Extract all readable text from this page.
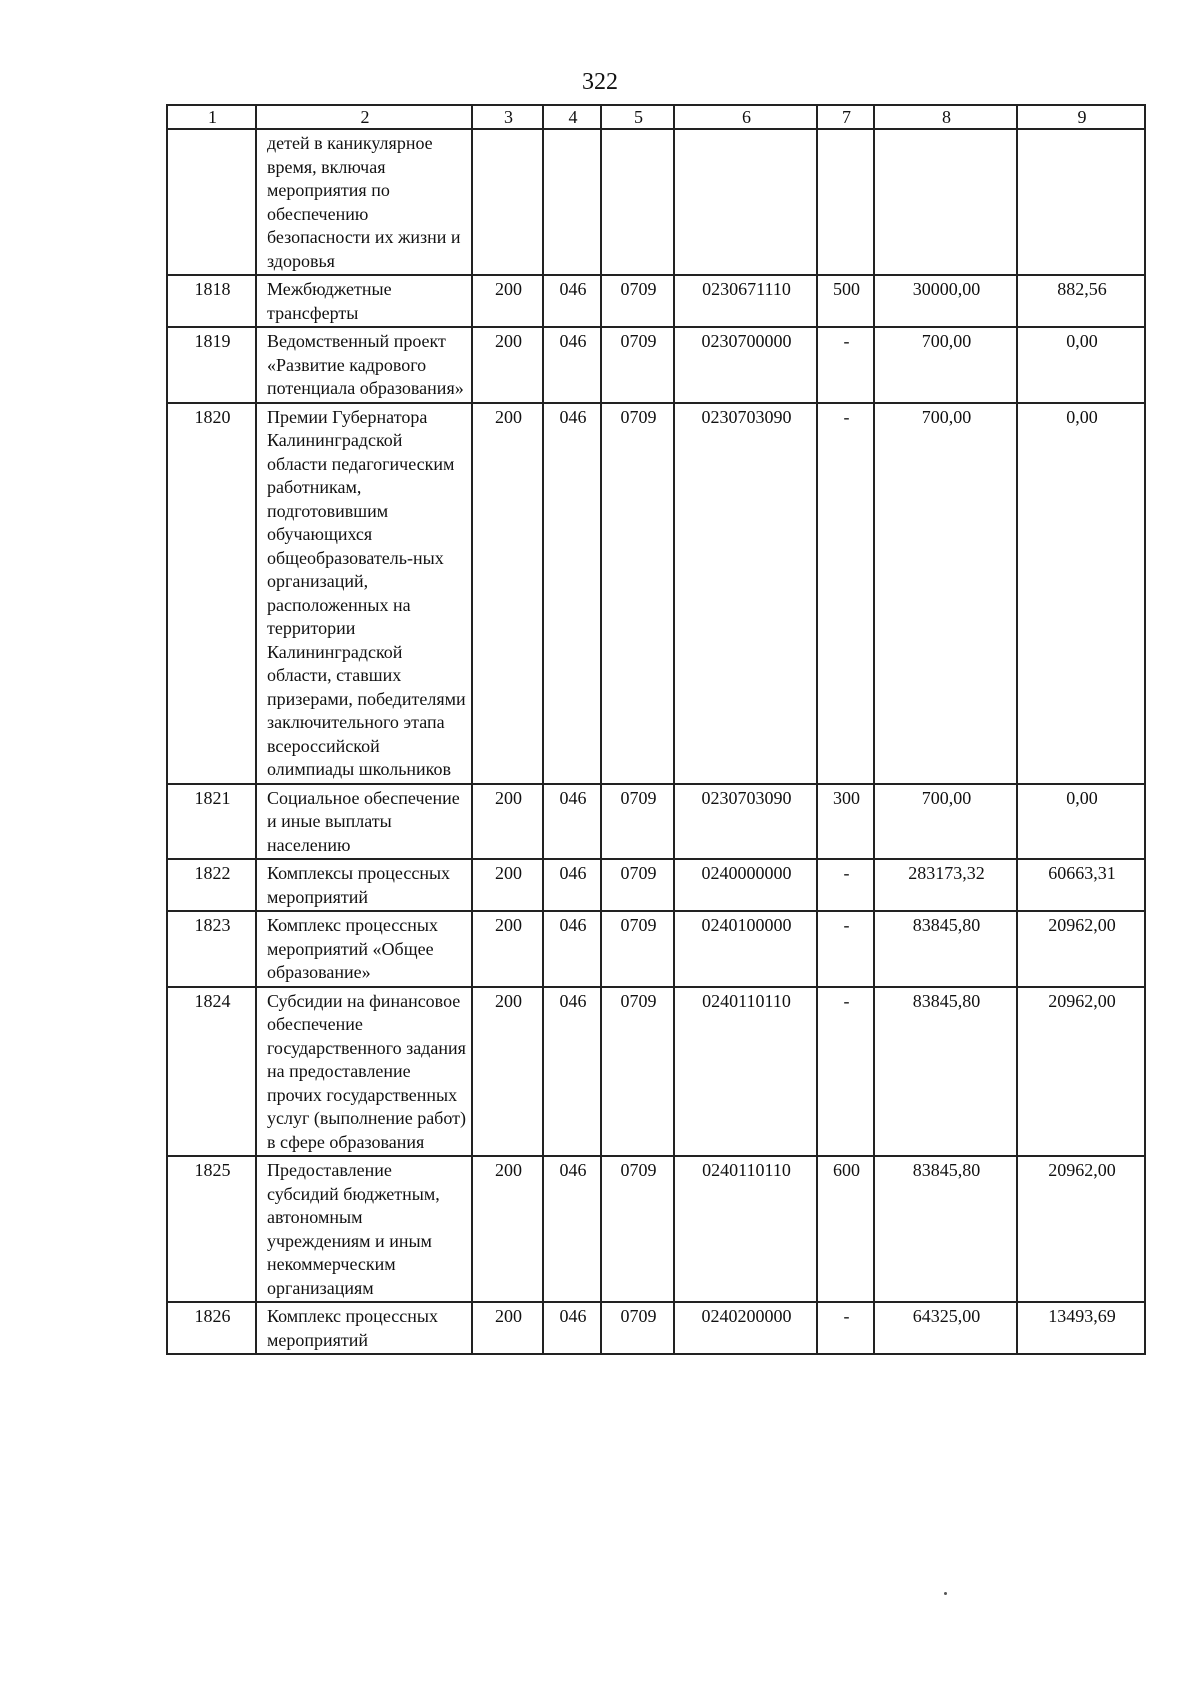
322
1	2	3	4	5	6	7	8	9
	детей в каникулярное время, включая мероприятия по обеспечению безопасности их жизни и здоровья							
1818	Межбюджетные трансферты	200	046	0709	0230671110	500	30000,00	882,56
1819	Ведомственный проект «Развитие кадрового потенциала образования»	200	046	0709	0230700000	-	700,00	0,00
1820	Премии Губернатора Калининградской области педагогическим работникам, подготовившим обучающихся общеобразователь-ных организаций, расположенных на территории Калининградской области, ставших призерами, победителями заключительного этапа всероссийской олимпиады школьников	200	046	0709	0230703090	-	700,00	0,00
1821	Социальное обеспечение и иные выплаты населению	200	046	0709	0230703090	300	700,00	0,00
1822	Комплексы процессных мероприятий	200	046	0709	0240000000	-	283173,32	60663,31
1823	Комплекс процессных мероприятий «Общее образование»	200	046	0709	0240100000	-	83845,80	20962,00
1824	Субсидии на финансовое обеспечение государственного задания на предоставление прочих государственных услуг (выполнение работ) в сфере образования	200	046	0709	0240110110	-	83845,80	20962,00
1825	Предоставление субсидий бюджетным, автономным учреждениям и иным некоммерческим организациям	200	046	0709	0240110110	600	83845,80	20962,00
1826	Комплекс процессных мероприятий	200	046	0709	0240200000	-	64325,00	13493,69
